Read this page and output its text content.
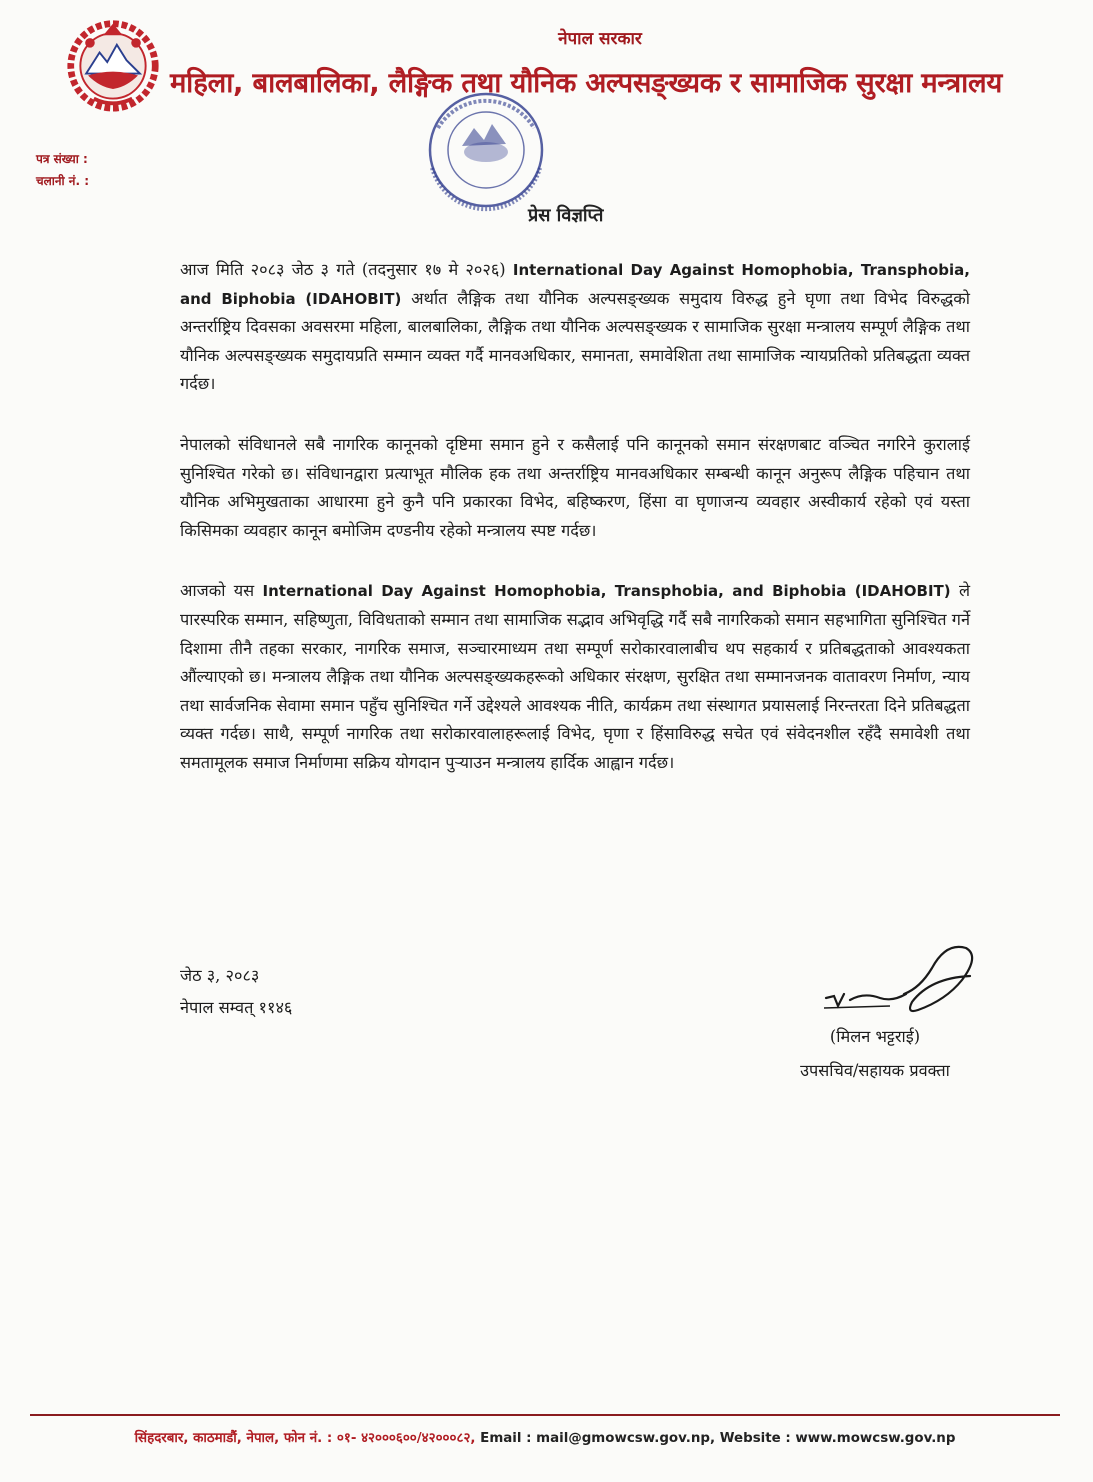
नेपाल सरकार
महिला, बालबालिका, लैङ्गिक तथा यौनिक अल्पसङ्ख्यक र सामाजिक सुरक्षा मन्त्रालय
पत्र संख्या :
चलानी नं. :
प्रेस विज्ञप्ति

आज मिति २०८३ जेठ ३ गते (तदनुसार १७ मे २०२६) International Day Against Homophobia, Transphobia, and Biphobia (IDAHOBIT) अर्थात लैङ्गिक तथा यौनिक अल्पसङ्ख्यक समुदाय विरुद्ध हुने घृणा तथा विभेद विरुद्धको अन्तर्राष्ट्रिय दिवसका अवसरमा महिला, बालबालिका, लैङ्गिक तथा यौनिक अल्पसङ्ख्यक र सामाजिक सुरक्षा मन्त्रालय सम्पूर्ण लैङ्गिक तथा यौनिक अल्पसङ्ख्यक समुदायप्रति सम्मान व्यक्त गर्दै मानवअधिकार, समानता, समावेशिता तथा सामाजिक न्यायप्रतिको प्रतिबद्धता व्यक्त गर्दछ।

नेपालको संविधानले सबै नागरिक कानूनको दृष्टिमा समान हुने र कसैलाई पनि कानूनको समान संरक्षणबाट वञ्चित नगरिने कुरालाई सुनिश्चित गरेको छ। संविधानद्वारा प्रत्याभूत मौलिक हक तथा अन्तर्राष्ट्रिय मानवअधिकार सम्बन्धी कानून अनुरूप लैङ्गिक पहिचान तथा यौनिक अभिमुखताका आधारमा हुने कुनै पनि प्रकारका विभेद, बहिष्करण, हिंसा वा घृणाजन्य व्यवहार अस्वीकार्य रहेको एवं यस्ता किसिमका व्यवहार कानून बमोजिम दण्डनीय रहेको मन्त्रालय स्पष्ट गर्दछ।

आजको यस International Day Against Homophobia, Transphobia, and Biphobia (IDAHOBIT) ले पारस्परिक सम्मान, सहिष्णुता, विविधताको सम्मान तथा सामाजिक सद्भाव अभिवृद्धि गर्दै सबै नागरिकको समान सहभागिता सुनिश्चित गर्ने दिशामा तीनै तहका सरकार, नागरिक समाज, सञ्चारमाध्यम तथा सम्पूर्ण सरोकारवालाबीच थप सहकार्य र प्रतिबद्धताको आवश्यकता औंल्याएको छ। मन्त्रालय लैङ्गिक तथा यौनिक अल्पसङ्ख्यकहरूको अधिकार संरक्षण, सुरक्षित तथा सम्मानजनक वातावरण निर्माण, न्याय तथा सार्वजनिक सेवामा समान पहुँच सुनिश्चित गर्ने उद्देश्यले आवश्यक नीति, कार्यक्रम तथा संस्थागत प्रयासलाई निरन्तरता दिने प्रतिबद्धता व्यक्त गर्दछ। साथै, सम्पूर्ण नागरिक तथा सरोकारवालाहरूलाई विभेद, घृणा र हिंसाविरुद्ध सचेत एवं संवेदनशील रहँदै समावेशी तथा समतामूलक समाज निर्माणमा सक्रिय योगदान पुर्‍याउन मन्त्रालय हार्दिक आह्वान गर्दछ।

जेठ ३, २०८३
नेपाल सम्वत् ११४६
(मिलन भट्टराई)
उपसचिव/सहायक प्रवक्ता
सिंहदरबार, काठमाडौं, नेपाल, फोन नं. : ०१- ४२०००६००/४२०००८२, Email : mail@gmowcsw.gov.np, Website : www.mowcsw.gov.np
